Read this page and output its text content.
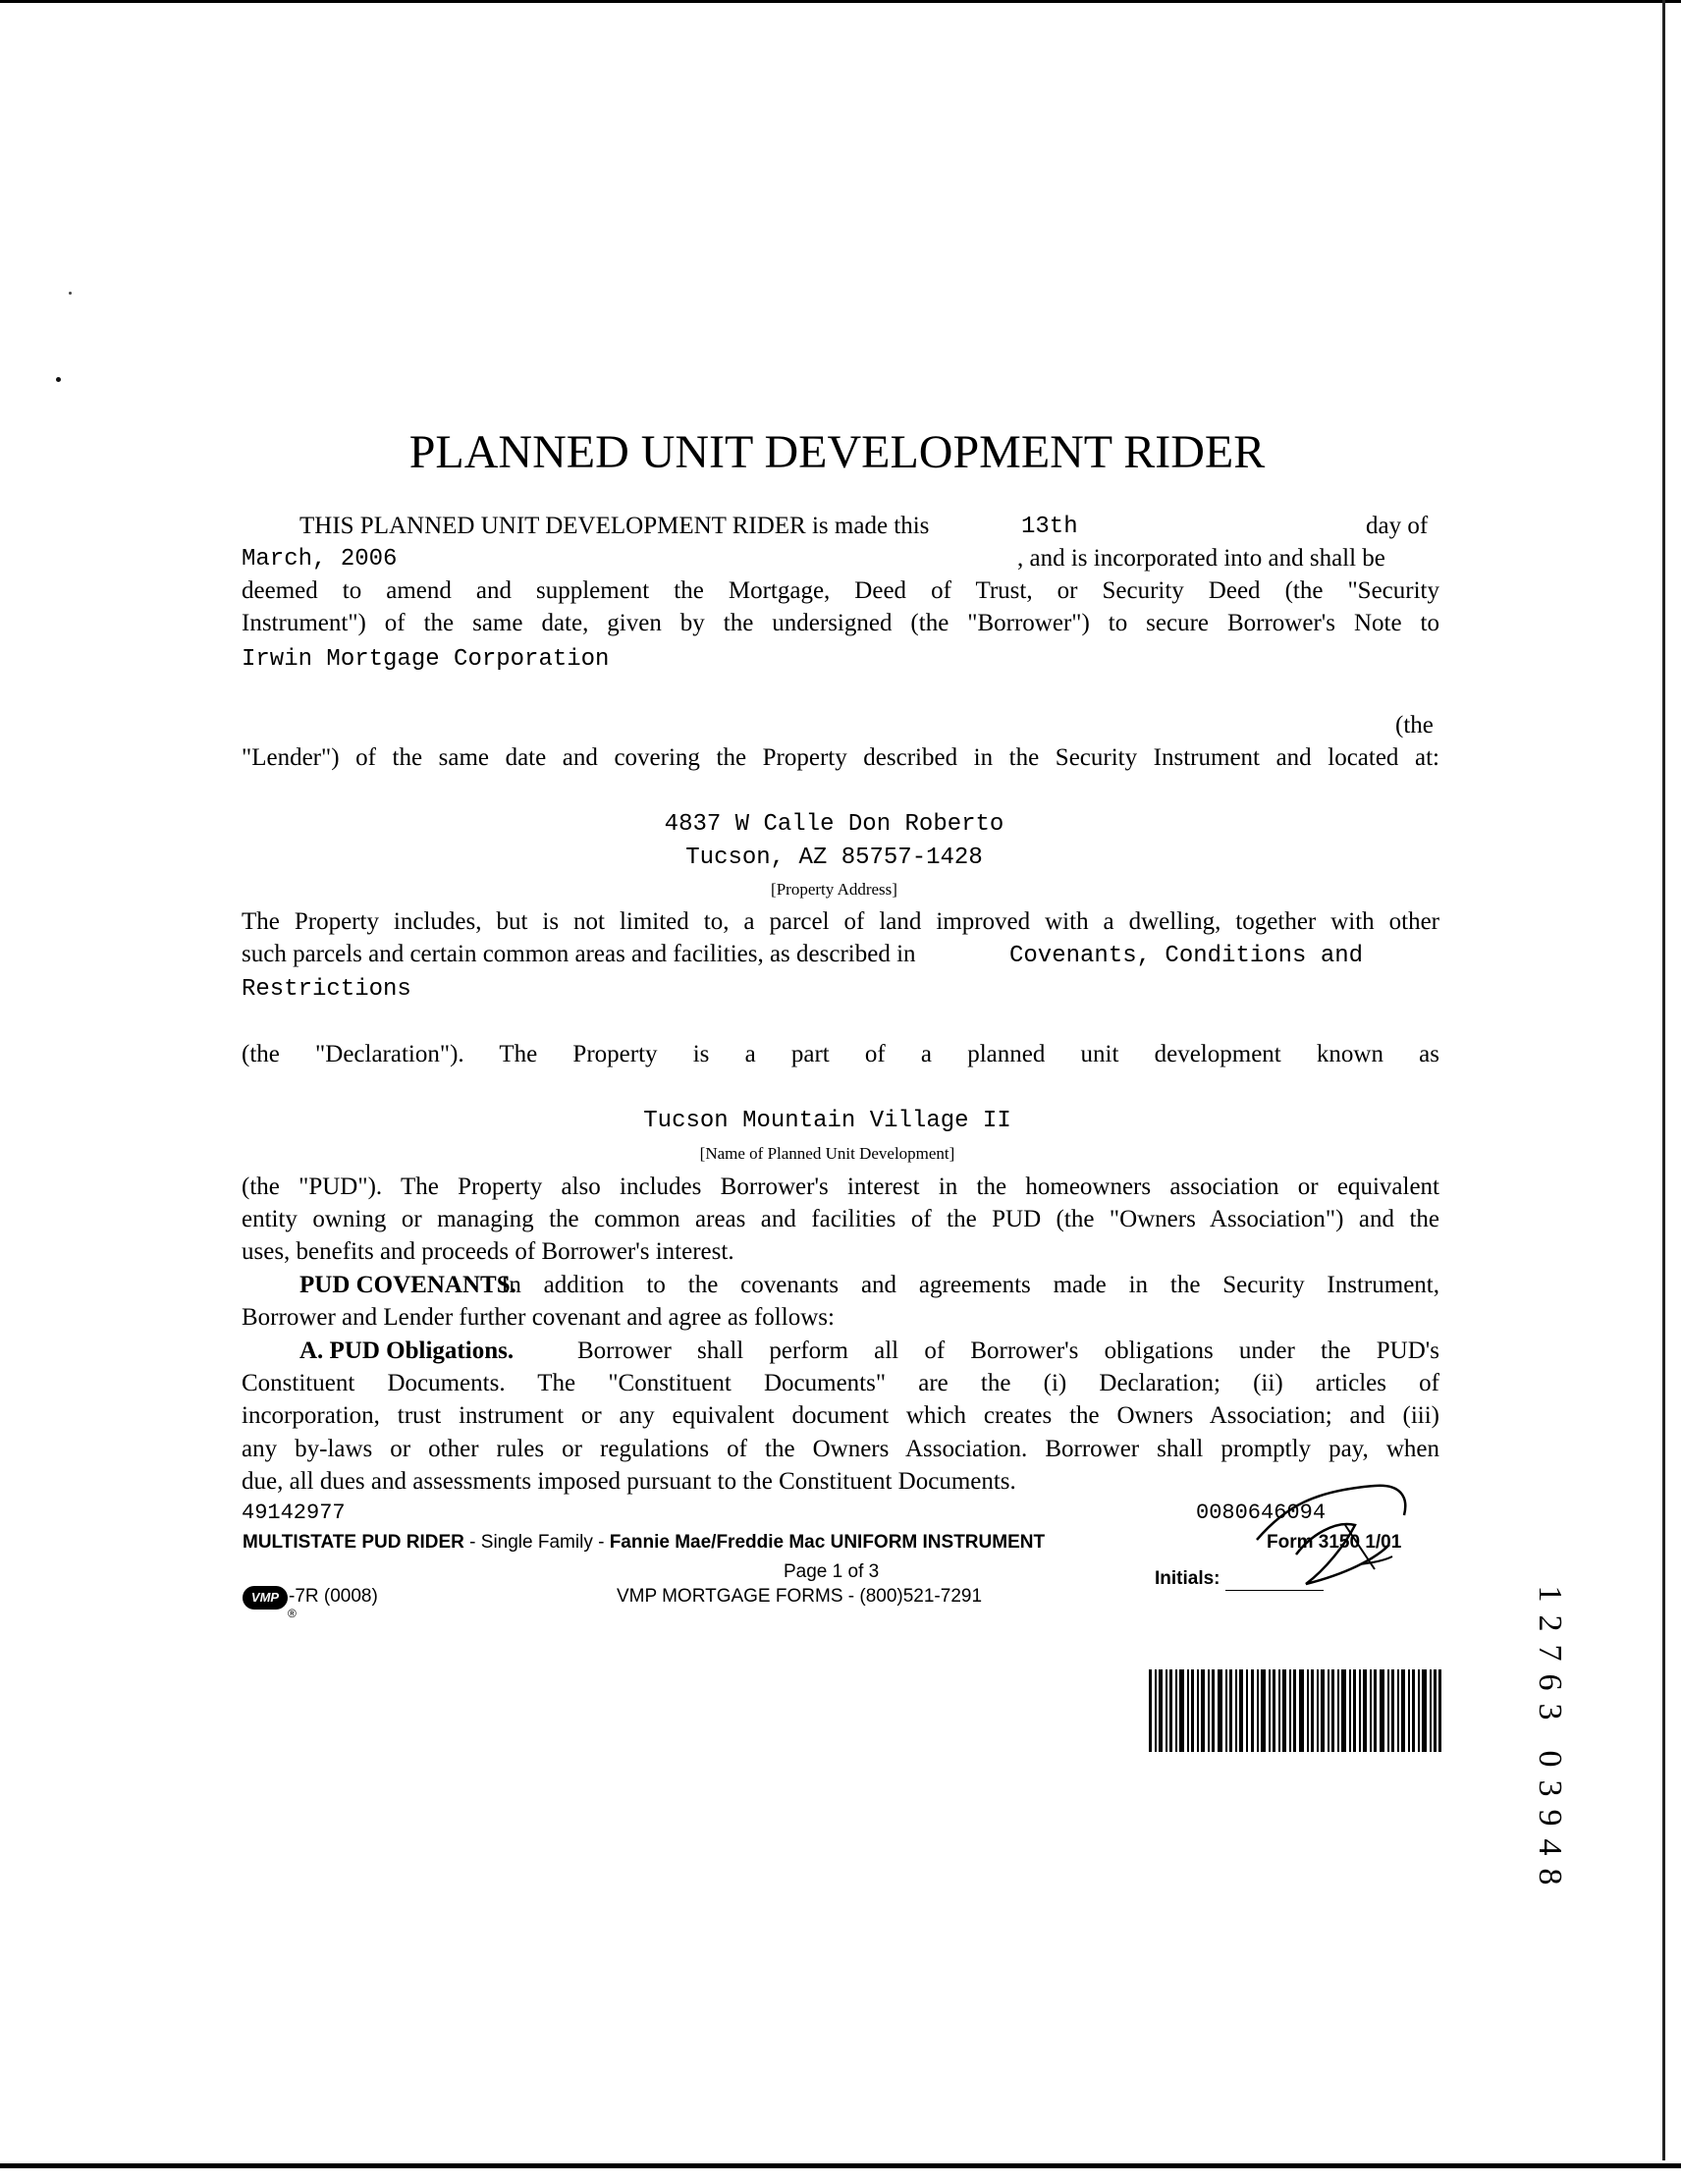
PLANNED UNIT DEVELOPMENT RIDER
THIS PLANNED UNIT DEVELOPMENT RIDER is made this	13th	day of
March, 2006	, and is incorporated into and shall be
deemed to amend and supplement the Mortgage, Deed of Trust, or Security Deed (the "Security
Instrument") of the same date, given by the undersigned (the "Borrower") to secure Borrower's Note to
Irwin Mortgage Corporation
(the
"Lender") of the same date and covering the Property described in the Security Instrument and located at:
4837 W Calle Don Roberto
Tucson, AZ 85757-1428
[Property Address]
The Property includes, but is not limited to, a parcel of land improved with a dwelling, together with other
such parcels and certain common areas and facilities, as described in	Covenants, Conditions and
Restrictions
(the "Declaration"). The Property is a part of a planned unit development known as
Tucson Mountain Village II
[Name of Planned Unit Development]
(the "PUD"). The Property also includes Borrower's interest in the homeowners association or equivalent
entity owning or managing the common areas and facilities of the PUD (the "Owners Association") and the
uses, benefits and proceeds of Borrower's interest.
PUD COVENANTS.
In addition to the covenants and agreements made in the Security Instrument,
Borrower and Lender further covenant and agree as follows:
A. PUD Obligations.	Borrower shall perform all of Borrower's obligations under the PUD's
Constituent Documents. The "Constituent Documents" are the (i) Declaration; (ii) articles of
incorporation, trust instrument or any equivalent document which creates the Owners Association; and (iii)
any by-laws or other rules or regulations of the Owners Association. Borrower shall promptly pay, when
due, all dues and assessments imposed pursuant to the Constituent Documents.
49142977	0080646094
MULTISTATE PUD RIDER - Single Family - Fannie Mae/Freddie Mac UNIFORM INSTRUMENT	Form 3150 1/01
Page 1 of 3	Initials:
VMP
®
-7R (0008)	VMP MORTGAGE FORMS - (800)521-7291	1
2
7
6
3
0
3
9
4
8
